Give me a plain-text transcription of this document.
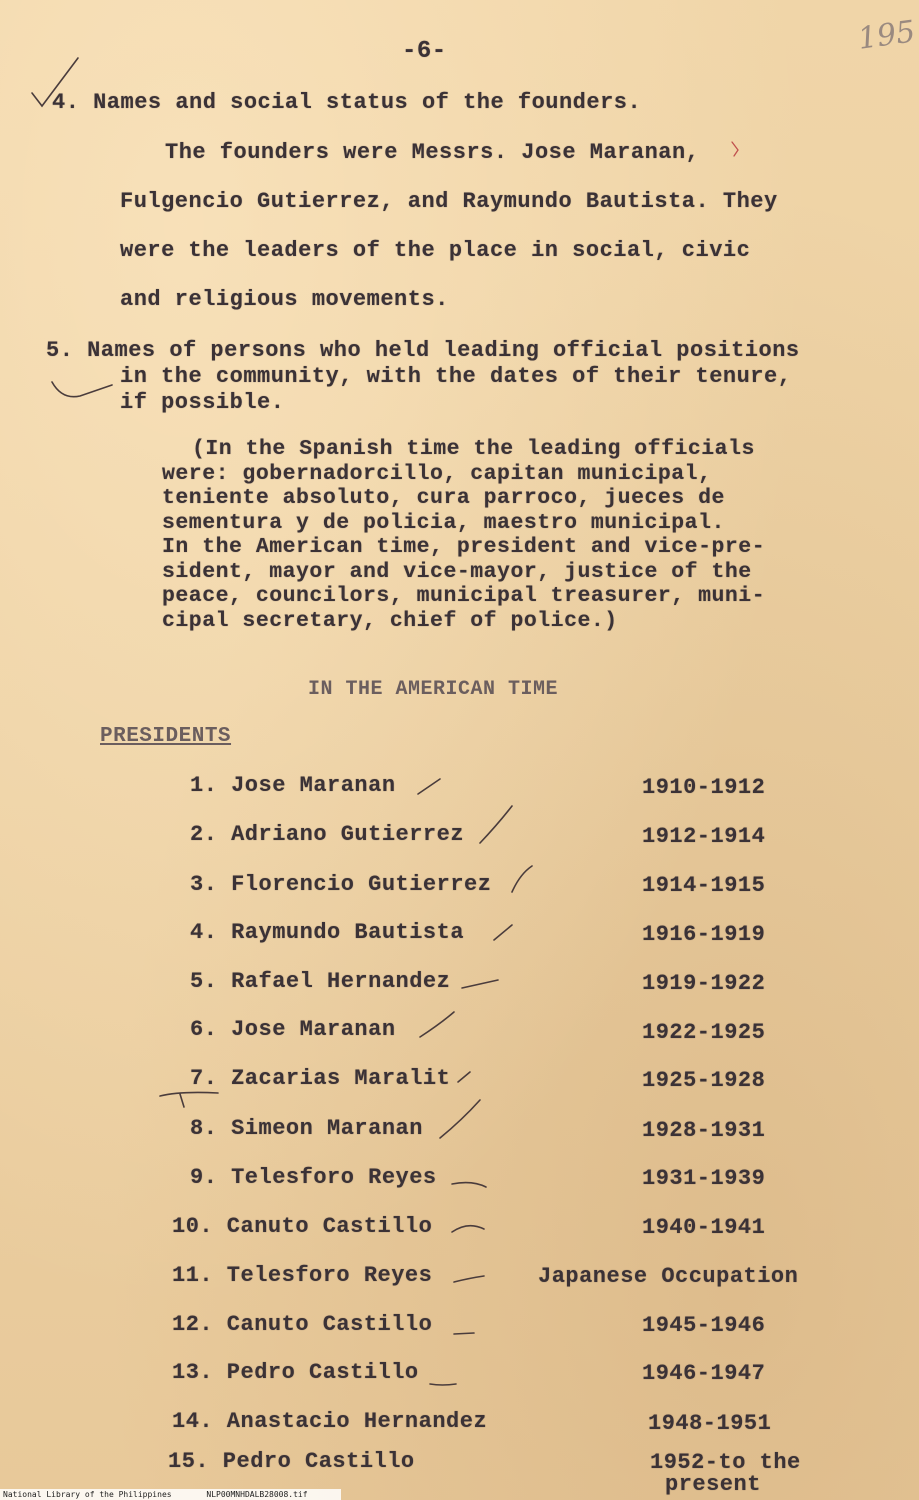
-6-	195
4. Names and social status of the founders.
The founders were Messrs. Jose Maranan,
Fulgencio Gutierrez, and Raymundo Bautista. They
were the leaders of the place in social, civic
and religious movements.
5. Names of persons who held leading official positions
in the community, with the dates of their tenure,
if possible.
(In the Spanish time the leading officials
were: gobernadorcillo, capitan municipal,
teniente absoluto, cura parroco, jueces de
sementura y de policia, maestro municipal.
In the American time, president and vice-pre-
sident, mayor and vice-mayor, justice of the
peace, councilors, municipal treasurer, muni-
cipal secretary, chief of police.)
IN THE AMERICAN TIME
PRESIDENTS
1. Jose Maranan	1910-1912
2. Adriano Gutierrez	1912-1914
3. Florencio Gutierrez	1914-1915
4. Raymundo Bautista	1916-1919
5. Rafael Hernandez	1919-1922
6. Jose Maranan	1922-1925
7. Zacarias Maralit	1925-1928
8. Simeon Maranan	1928-1931
9. Telesforo Reyes	1931-1939
10. Canuto Castillo	1940-1941
11. Telesforo Reyes	Japanese Occupation
12. Canuto Castillo	1945-1946
13. Pedro Castillo	1946-1947
14. Anastacio Hernandez	1948-1951
15. Pedro Castillo	1952-to the
present
National Library of the Philippines	NLP00MNHDALB28008.tif
